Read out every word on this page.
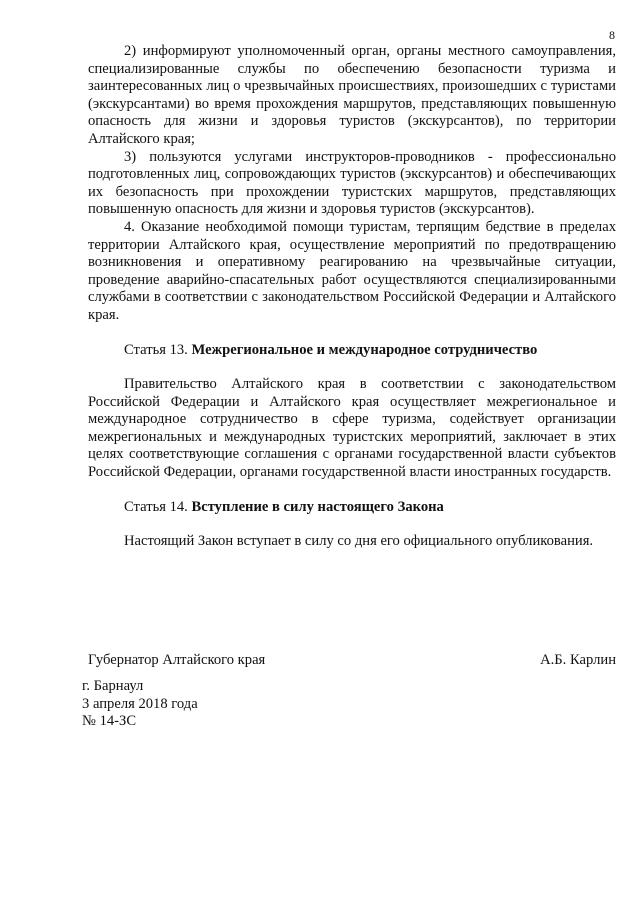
8

2) информируют уполномоченный орган, органы местного самоуправления, специализированные службы по обеспечению безопасности туризма и заинтересованных лиц о чрезвычайных происшествиях, произошедших с туристами (экскурсантами) во время прохождения маршрутов, представляющих повышенную опасность для жизни и здоровья туристов (экскурсантов), по территории Алтайского края;

3) пользуются услугами инструкторов-проводников - профессионально подготовленных лиц, сопровождающих туристов (экскурсантов) и обеспечивающих их безопасность при прохождении туристских маршрутов, представляющих повышенную опасность для жизни и здоровья туристов (экскурсантов).

4. Оказание необходимой помощи туристам, терпящим бедствие в пределах территории Алтайского края, осуществление мероприятий по предотвращению возникновения и оперативному реагированию на чрезвычайные ситуации, проведение аварийно-спасательных работ осуществляются специализированными службами в соответствии с законодательством Российской Федерации и Алтайского края.

Статья 13. Межрегиональное и международное сотрудничество

Правительство Алтайского края в соответствии с законодательством Российской Федерации и Алтайского края осуществляет межрегиональное и международное сотрудничество в сфере туризма, содействует организации межрегиональных и международных туристских мероприятий, заключает в этих целях соответствующие соглашения с органами государственной власти субъектов Российской Федерации, органами государственной власти иностранных государств.

Статья 14. Вступление в силу настоящего Закона

Настоящий Закон вступает в силу со дня его официального опубликования.

Губернатор Алтайского края	А.Б. Карлин
г. Барнаул
3 апреля 2018 года
№ 14-ЗС
